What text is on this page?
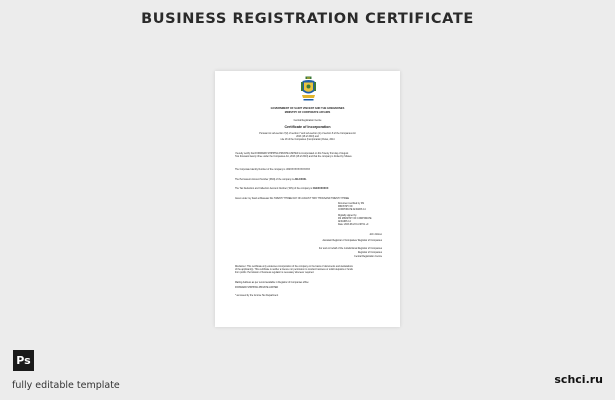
BUSINESS REGISTRATION CERTIFICATE
GOVERNMENT OF SAINT VINCENT AND THE GRENADINES
MINISTRY OF CORPORATE AFFAIRS
Central Registration Centre
Certificate of Incorporation
Pursuant to sub-section 7(2) of section 7 and sub-section (1) of section 8 of the Companies Act
2013 (18 of 2013) and
rule 18 of the Companies (Incorporation) Rules, 2014
I hereby certify that FORWARD SHIPPING PRIVATE LIMITED is incorporated on this Twenty first day of August
Two thousand twenty three under the Companies Act, 2013 (18 of 2013) and that the company is limited by Shares.
The Corporate Identity Number of the company is U62XXXXXXXXXXXXX
The Permanent Account Number (PAN) of the company is AELXXXXL
The Tax Deduction and Collection Account Number (TAN) of the company is CHEXXXXXXX
Given under my hand at Manesar this TWENTY THREE DAY OF AUGUST TWO THOUSAND TWENTY-THREE
Document certified by DS
MINISTRY OF
CORPORATE AFFAIRS 14
Digitally signed by
DS MINISTRY OF CORPORATE
AFFAIRS 14
Date: 2023.08.23 11:38:51 +0
John Citizen
Assistant Registrar of Companies/ Registrar of Companies
For and on behalf of the Jurisdictional Registrar of Companies
Registrar of Companies
Central Registration Centre
Disclaimer: This certificate only evidences incorporation of the company on the basis of documents and declarations
of the applicant(s). This certificate is neither a licence nor permission to conduct business or solicit deposits or funds
from public. Permission of business regulator is necessary wherever required.
Mailing Address as per record available in Registrar of Companies office:
FORWARD SHIPPING PRIVATE LIMITED
* as issued by the Income Tax Department
Ps
fully editable template	schci.ru
